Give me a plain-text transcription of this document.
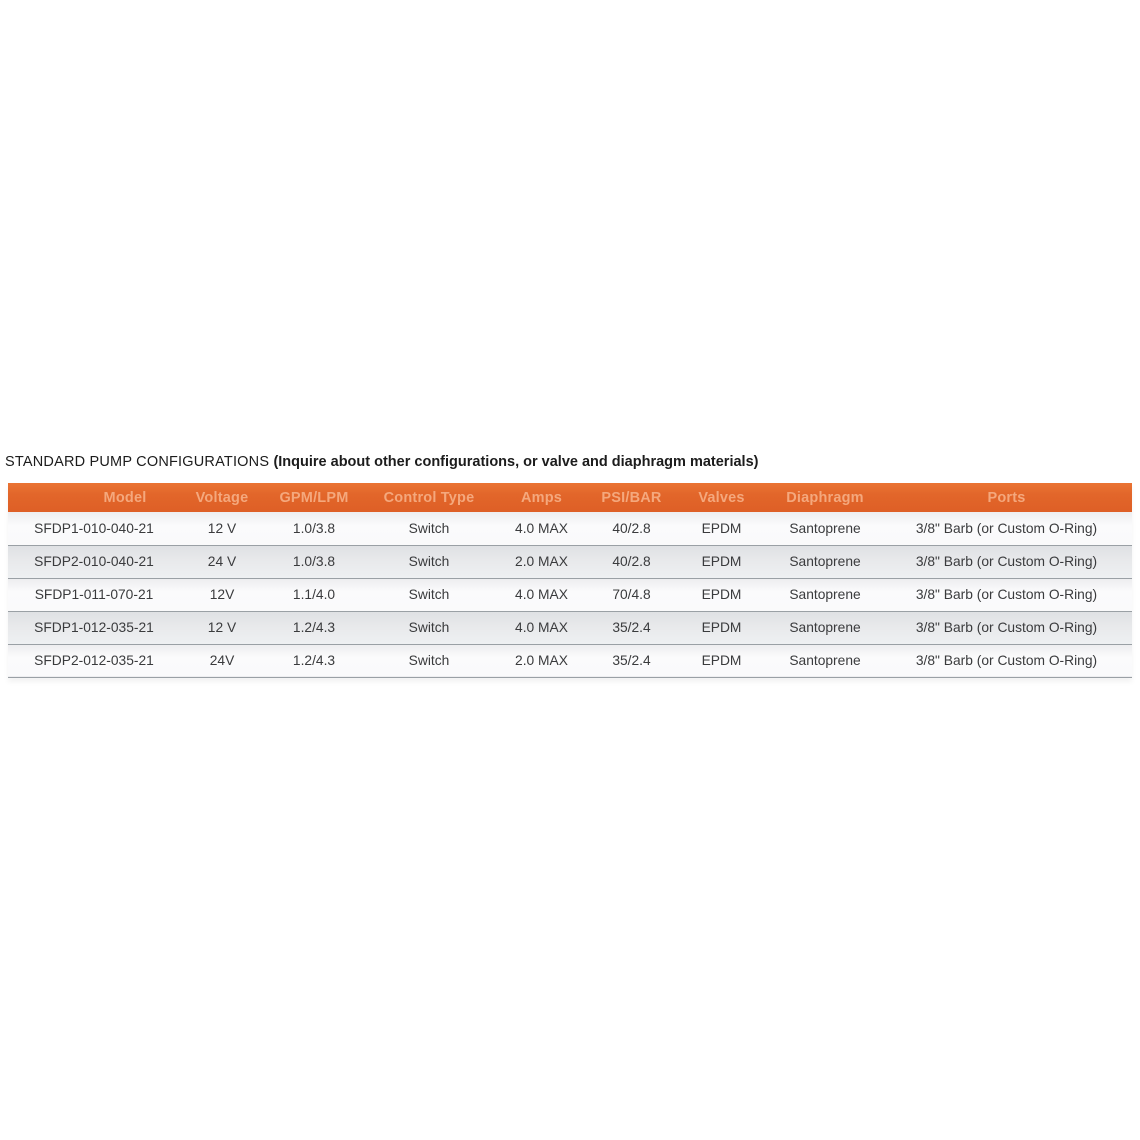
STANDARD PUMP CONFIGURATIONS (Inquire about other configurations, or valve and diaphragm materials)
Model	Voltage	GPM/LPM	Control Type	Amps	PSI/BAR	Valves	Diaphragm	Ports
SFDP1-010-040-21	12 V	1.0/3.8	Switch	4.0 MAX	40/2.8	EPDM	Santoprene	3/8" Barb (or Custom O-Ring)
SFDP2-010-040-21	24 V	1.0/3.8	Switch	2.0 MAX	40/2.8	EPDM	Santoprene	3/8" Barb (or Custom O-Ring)
SFDP1-011-070-21	12V	1.1/4.0	Switch	4.0 MAX	70/4.8	EPDM	Santoprene	3/8" Barb (or Custom O-Ring)
SFDP1-012-035-21	12 V	1.2/4.3	Switch	4.0 MAX	35/2.4	EPDM	Santoprene	3/8" Barb (or Custom O-Ring)
SFDP2-012-035-21	24V	1.2/4.3	Switch	2.0 MAX	35/2.4	EPDM	Santoprene	3/8" Barb (or Custom O-Ring)
